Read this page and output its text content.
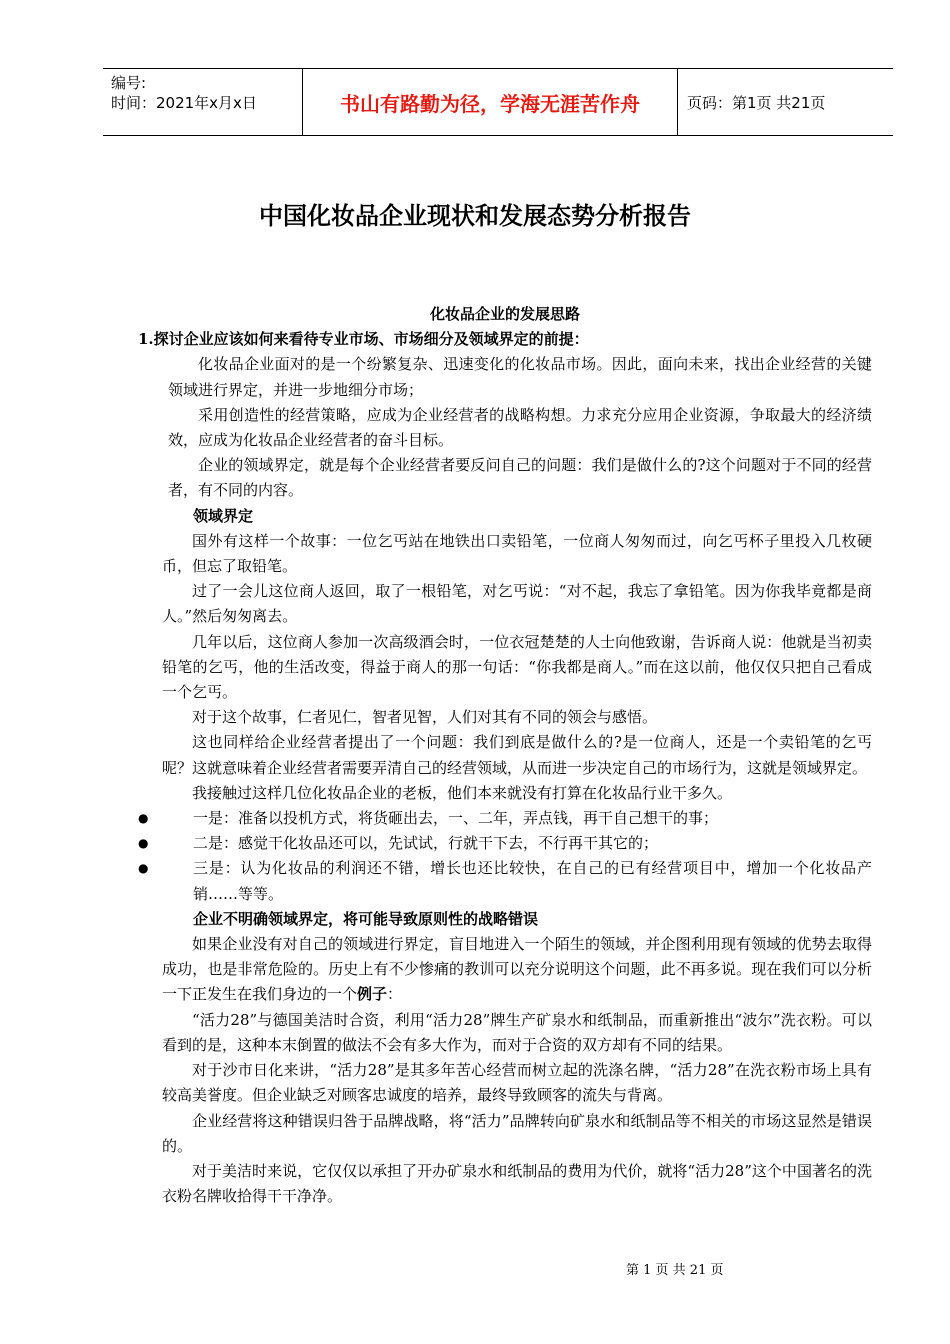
编号:
时间：2021年x月x日	书山有路勤为径，学海无涯苦作舟	页码：第1页 共21页
中国化妆品企业现状和发展态势分析报告

化妆品企业的发展思路

1.探讨企业应该如何来看待专业市场、市场细分及领域界定的前提：

化妆品企业面对的是一个纷繁复杂、迅速变化的化妆品市场。因此，面向未来，找出企业经营的关键领域进行界定，并进一步地细分市场；

采用创造性的经营策略，应成为企业经营者的战略构想。力求充分应用企业资源，争取最大的经济绩效，应成为化妆品企业经营者的奋斗目标。

企业的领域界定，就是每个企业经营者要反问自己的问题：我们是做什么的?这个问题对于不同的经营者，有不同的内容。

领域界定

国外有这样一个故事：一位乞丐站在地铁出口卖铅笔，一位商人匆匆而过，向乞丐杯子里投入几枚硬币，但忘了取铅笔。

过了一会儿这位商人返回，取了一根铅笔，对乞丐说：“对不起，我忘了拿铅笔。因为你我毕竟都是商人。”然后匆匆离去。

几年以后，这位商人参加一次高级酒会时，一位衣冠楚楚的人士向他致谢，告诉商人说：他就是当初卖铅笔的乞丐，他的生活改变，得益于商人的那一句话：“你我都是商人。”而在这以前，他仅仅只把自己看成一个乞丐。

对于这个故事，仁者见仁，智者见智，人们对其有不同的领会与感悟。

这也同样给企业经营者提出了一个问题：我们到底是做什么的?是一位商人，还是一个卖铅笔的乞丐呢？这就意味着企业经营者需要弄清自己的经营领域，从而进一步决定自己的市场行为，这就是领域界定。

我接触过这样几位化妆品企业的老板，他们本来就没有打算在化妆品行业干多久。

●	一是：准备以投机方式，将货砸出去，一、二年，弄点钱，再干自己想干的事；

●	二是：感觉干化妆品还可以，先试试，行就干下去，不行再干其它的；

●	三是：认为化妆品的利润还不错，增长也还比较快，在自己的已有经营项目中，增加一个化妆品产销……等等。

企业不明确领域界定，将可能导致原则性的战略错误

如果企业没有对自己的领域进行界定，盲目地进入一个陌生的领域，并企图利用现有领域的优势去取得成功，也是非常危险的。历史上有不少惨痛的教训可以充分说明这个问题，此不再多说。现在我们可以分析一下正发生在我们身边的一个例子：

“活力28”与德国美洁时合资，利用“活力28”牌生产矿泉水和纸制品，而重新推出“波尔”洗衣粉。可以看到的是，这种本末倒置的做法不会有多大作为，而对于合资的双方却有不同的结果。

对于沙市日化来讲，“活力28”是其多年苦心经营而树立起的洗涤名牌，“活力28”在洗衣粉市场上具有较高美誉度。但企业缺乏对顾客忠诚度的培养，最终导致顾客的流失与背离。

企业经营将这种错误归咎于品牌战略，将“活力”品牌转向矿泉水和纸制品等不相关的市场这显然是错误的。

对于美洁时来说，它仅仅以承担了开办矿泉水和纸制品的费用为代价，就将“活力28”这个中国著名的洗衣粉名牌收拾得干干净净。

第 1 页 共 21 页
